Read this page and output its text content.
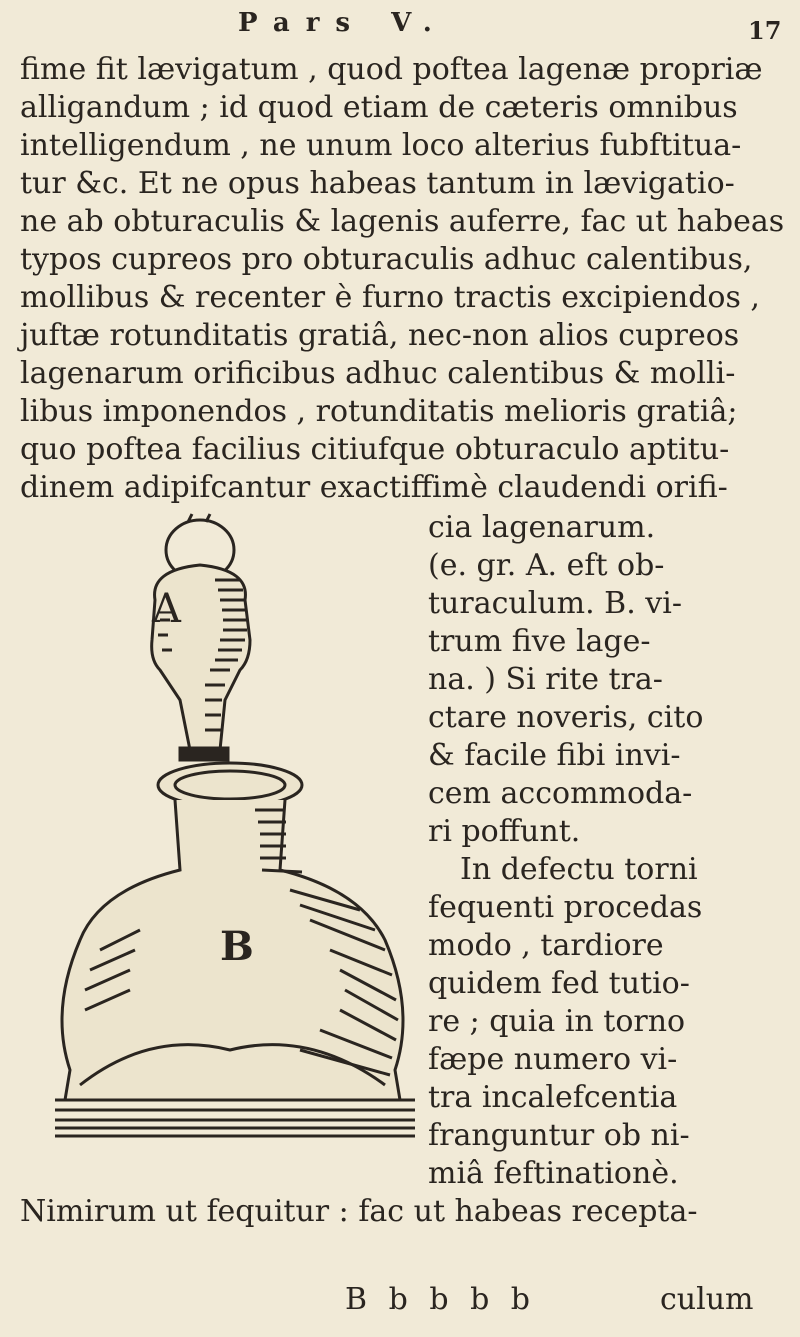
Pars V.	17
fime fit lævigatum , quod poftea lagenæ propriæ
alligandum ; id quod etiam de cæteris omnibus
intelligendum , ne unum loco alterius fubftitua-
tur &c. Et ne opus habeas tantum in lævigatio-
ne ab obturaculis & lagenis auferre, fac ut habeas
typos cupreos pro obturaculis adhuc calentibus,
mollibus & recenter è furno tractis excipiendos ,
juftæ rotunditatis gratiâ, nec-non alios cupreos
lagenarum orificibus adhuc calentibus & molli-
libus imponendos , rotunditatis melioris gratiâ;
quo poftea facilius citiufque obturaculo aptitu-
dinem adipifcantur exactiffimè claudendi orifi-
cia lagenarum.
(e. gr. A. eft ob-
turaculum. B. vi-
trum five lage-
na. ) Si rite tra-
ctare noveris, cito
& facile fibi invi-
cem accommoda-
ri poffunt.
In defectu torni
fequenti procedas
modo , tardiore
quidem fed tutio-
re ; quia in torno
fæpe numero vi-
tra incalefcentia
franguntur ob ni-
miâ feftinationè.
Nimirum ut fequitur : fac ut habeas recepta-
A
B
B b b b b	culum
